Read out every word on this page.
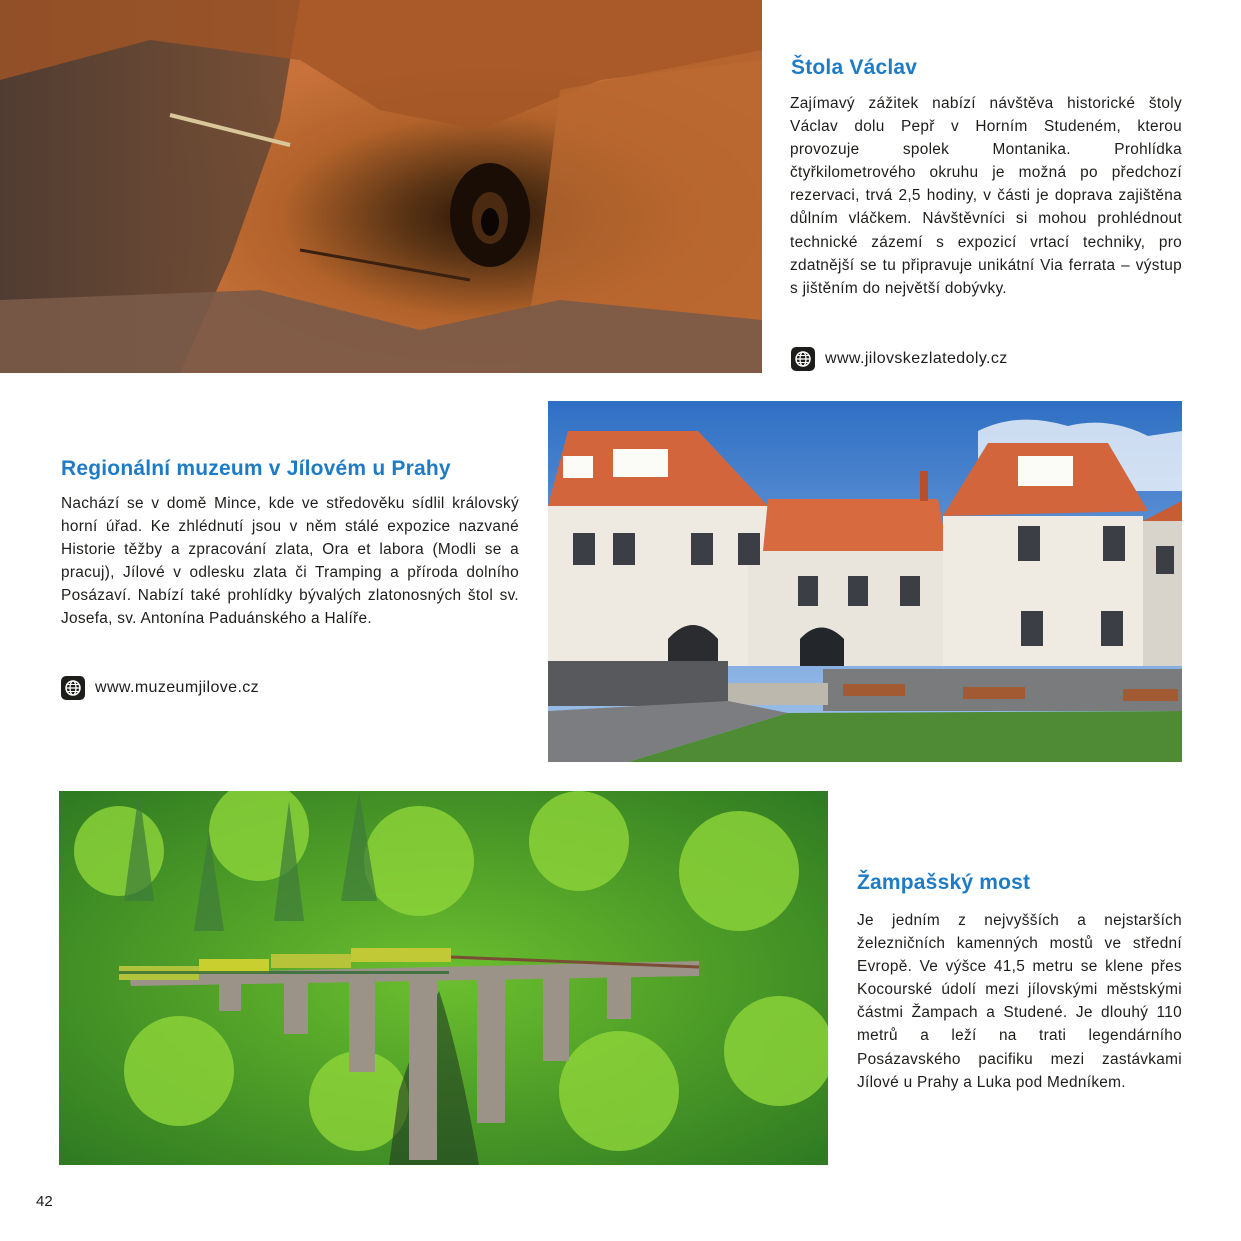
Štola Václav

Zajímavý zážitek nabízí návštěva historické štoly Václav dolu Pepř v Horním Studeném, kterou provozuje spolek Montanika. Prohlídka čtyřkilometrového okruhu je možná po předchozí rezervaci, trvá 2,5 hodiny, v části je doprava zajištěna důlním vláčkem. Návštěvníci si mohou prohlédnout technické zázemí s expozicí vrtací techniky, pro zdatnější se tu připravuje unikátní Via ferrata – výstup s jištěním do největší dobývky.

www.jilovskezlatedoly.cz
Regionální muzeum v Jílovém u Prahy

Nachází se v domě Mince, kde ve středověku sídlil královský horní úřad. Ke zhlédnutí jsou v něm stálé expozice nazvané Historie těžby a zpracování zlata, Ora et labora (Modli se a pracuj), Jílové v odlesku zlata či Tramping a příroda dolního Posázaví. Nabízí také prohlídky bývalých zlatonosných štol sv. Josefa, sv. Antonína Paduánského a Halíře.

www.muzeumjilove.cz
Žampašský most

Je jedním z nejvyšších a nejstarších železničních kamenných mostů ve střední Evropě. Ve výšce 41,5 metru se klene přes Kocourské údolí mezi jílovskými městskými částmi Žampach a Studené. Je dlouhý 110 metrů a leží na trati legendárního Posázavského pacifiku mezi zastávkami Jílové u Prahy a Luka pod Medníkem.

42
